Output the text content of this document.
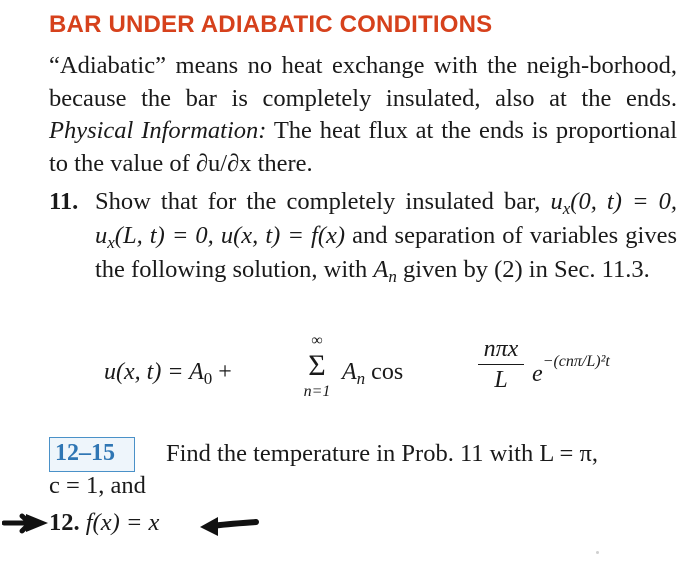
BAR UNDER ADIABATIC CONDITIONS
“Adiabatic” means no heat exchange with the neigh-borhood, because the bar is completely insulated, also at the ends. Physical Information: The heat flux at the ends is proportional to the value of ∂u/∂x there.
11. Show that for the completely insulated bar, $u_x(0$, t) = 0, $u_x(L$, t) = 0, u(x, t) = f(x) and separation of variables gives the following solution, with $A_n$ given by (2) in Sec. 11.3.
u(x, $t) = A_0$ +
∞
Σ
n=1
$A_n$ cos
nπx
L	$e^{-(cn\pi/L)^2t}$
12–15 Find the temperature in Prob. 11 with L = π,
c = 1, and
12. f(x) = x
